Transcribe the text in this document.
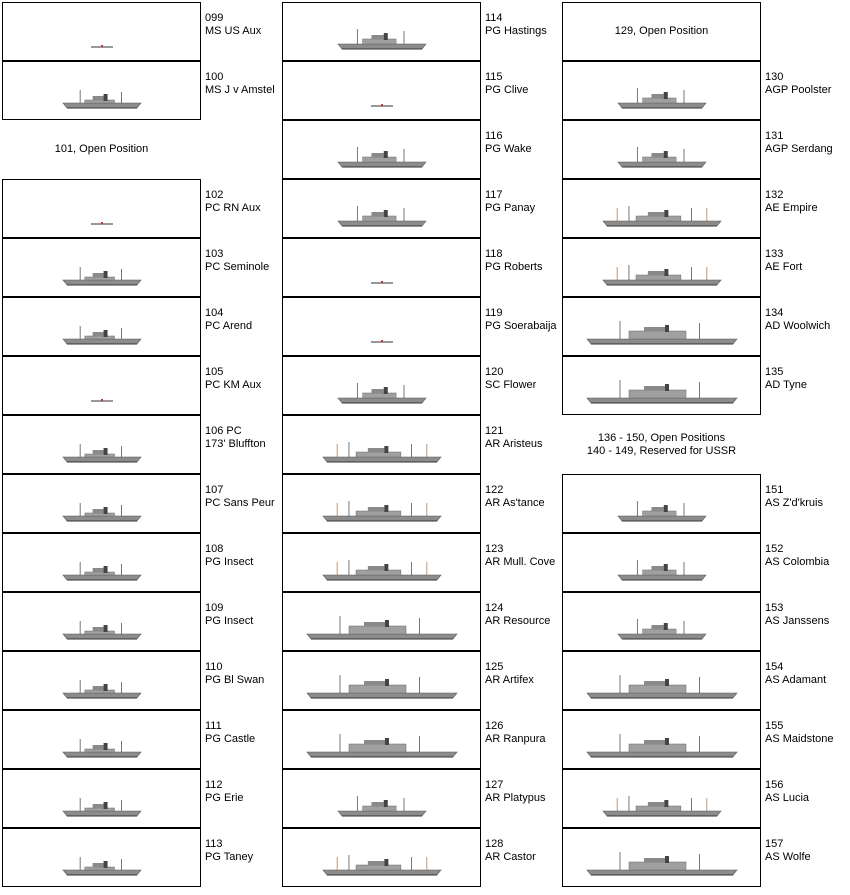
099
MS US Aux
100
MS J v Amstel
101, Open Position
102
PC RN Aux
103
PC Seminole
104
PC Arend
105
PC KM Aux
106 PC
173' Bluffton
107
PC Sans Peur
108
PG Insect
109
PG Insect
110
PG Bl Swan
111
PG Castle
112
PG Erie
113
PG Taney
114
PG Hastings
115
PG Clive
116
PG Wake
117
PG Panay
118
PG Roberts
119
PG Soerabaija
120
SC Flower
121
AR Aristeus
122
AR As'tance
123
AR Mull. Cove
124
AR Resource
125
AR Artifex
126
AR Ranpura
127
AR Platypus
128
AR Castor
129, Open Position
130
AGP Poolster
131
AGP Serdang
132
AE Empire
133
AE Fort
134
AD Woolwich
135
AD Tyne
136 - 150, Open Positions
140 - 149, Reserved for USSR
151
AS Z'd'kruis
152
AS Colombia
153
AS Janssens
154
AS Adamant
155
AS Maidstone
156
AS Lucia
157
AS Wolfe
